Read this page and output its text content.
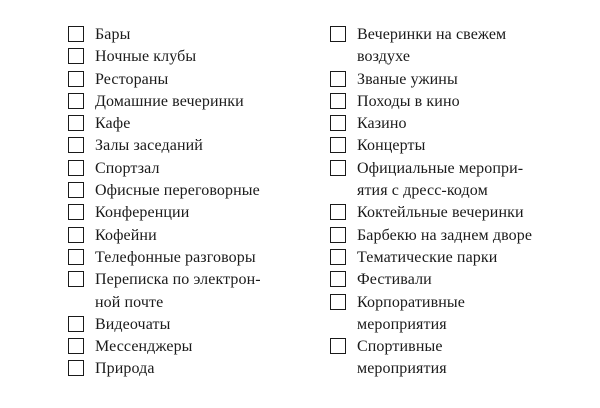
Бары
Ночные клубы
Рестораны
Домашние вечеринки
Кафе
Залы заседаний
Спортзал
Офисные переговорные
Конференции
Кофейни
Телефонные разговоры
Переписка по электрон-
ной почте
Видеочаты
Мессенджеры
Природа
Вечеринки на свежем
воздухе
Званые ужины
Походы в кино
Казино
Концерты
Официальные меропри-
ятия с дресс-кодом
Коктейльные вечеринки
Барбекю на заднем дворе
Тематические парки
Фестивали
Корпоративные
мероприятия
Спортивные
мероприятия
